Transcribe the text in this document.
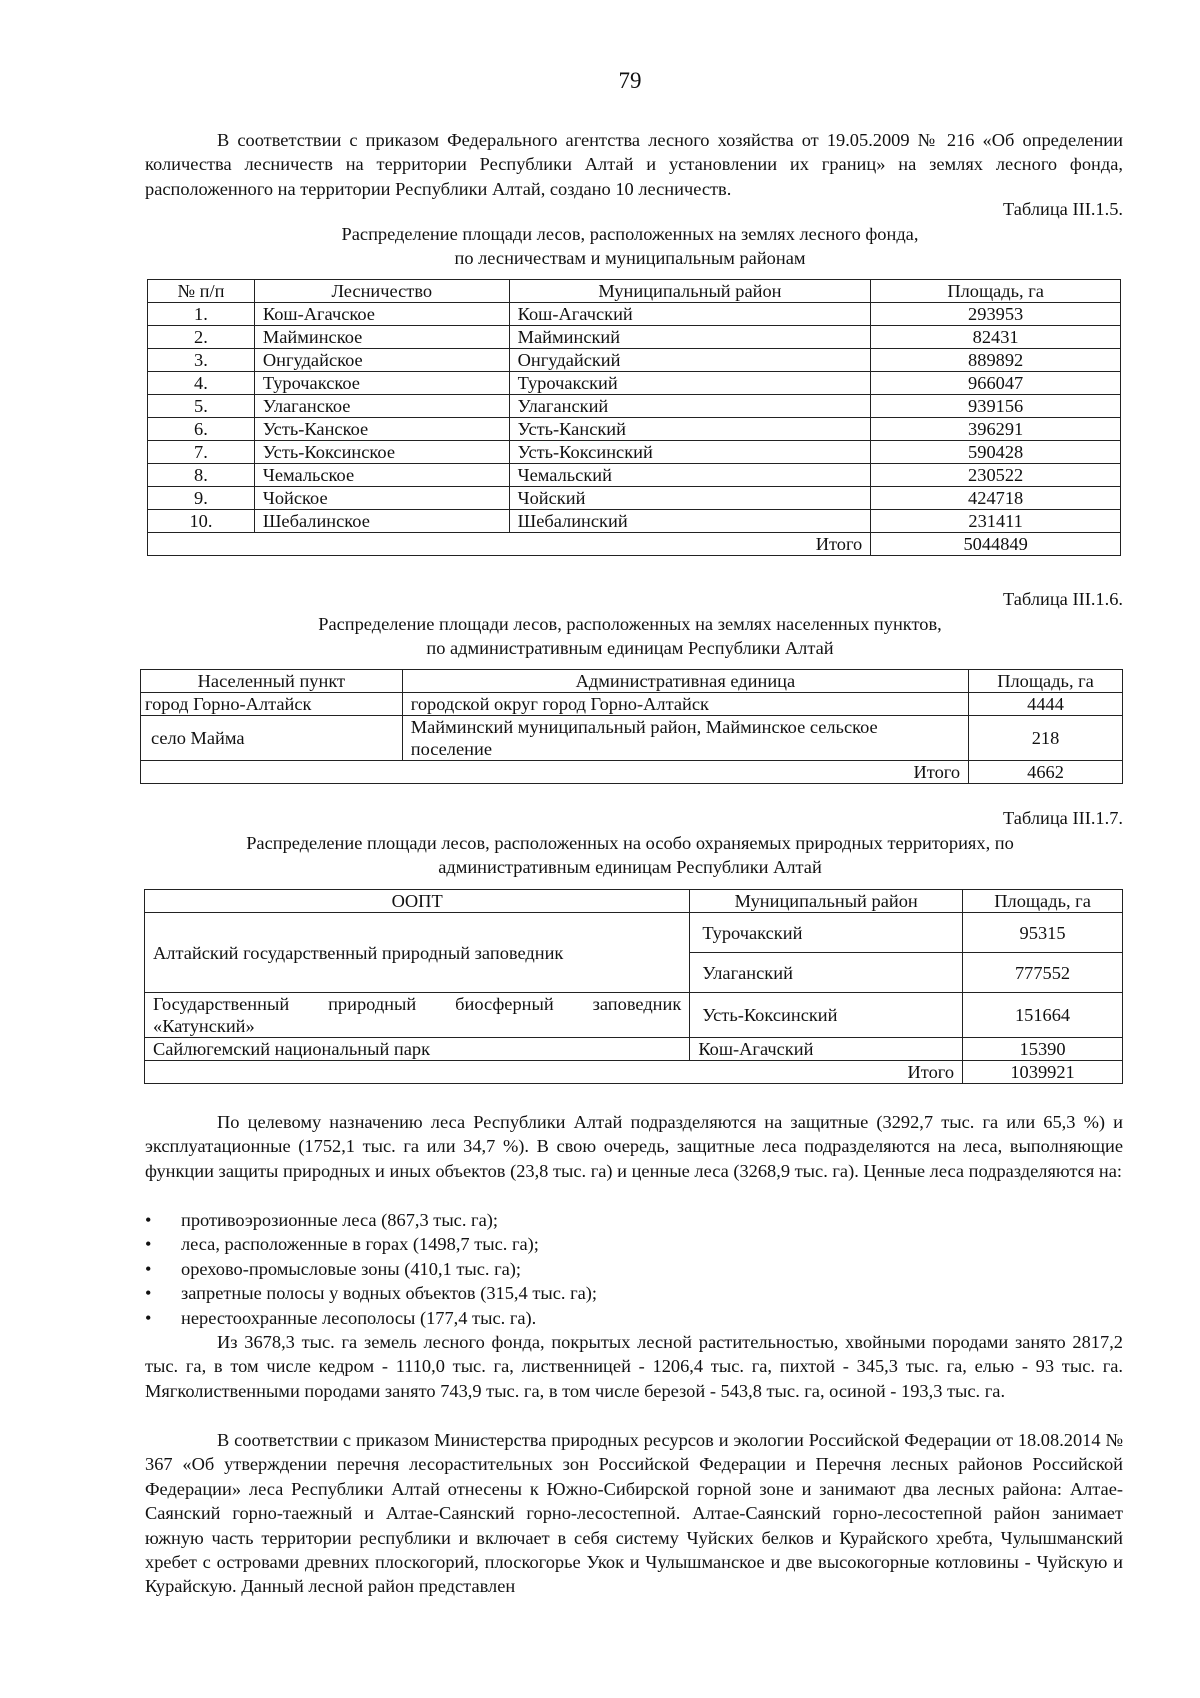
79

В соответствии с приказом Федерального агентства лесного хозяйства от 19.05.2009 № 216 «Об определении количества лесничеств на территории Республики Алтай и установлении их границ» на землях лесного фонда, расположенного на территории Республики Алтай, создано 10 лесничеств.

Таблица III.1.5.
Распределение площади лесов, расположенных на землях лесного фонда,
по лесничествам и муниципальным районам
№ п/п	Лесничество	Муниципальный район	Площадь, га
1.	Кош-Агачское	Кош-Агачский	293953
2.	Майминское	Майминский	82431
3.	Онгудайское	Онгудайский	889892
4.	Турочакское	Турочакский	966047
5.	Улаганское	Улаганский	939156
6.	Усть-Канское	Усть-Канский	396291
7.	Усть-Коксинское	Усть-Коксинский	590428
8.	Чемальское	Чемальский	230522
9.	Чойское	Чойский	424718
10.	Шебалинское	Шебалинский	231411
Итого			5044849
Таблица III.1.6.
Распределение площади лесов, расположенных на землях населенных пунктов,
по административным единицам Республики Алтай
Населенный пункт	Административная единица	Площадь, га
город Горно-Алтайск	городской округ город Горно-Алтайск	4444
село Майма	Майминский муниципальный район, Майминское сельское поселение	218
Итого		4662
Таблица III.1.7.
Распределение площади лесов, расположенных на особо охраняемых природных территориях, по
административным единицам Республики Алтай
ООПТ	Муниципальный район	Площадь, га
Алтайский государственный природный заповедник	Турочакский	95315
	Улаганский	777552
Государственный природный биосферный заповедник «Катунский»	Усть-Коксинский	151664
Сайлюгемский национальный парк	Кош-Агачский	15390
Итого		1039921

По целевому назначению леса Республики Алтай подразделяются на защитные (3292,7 тыс. га или 65,3 %) и эксплуатационные (1752,1 тыс. га или 34,7 %). В свою очередь, защитные леса подразделяются на леса, выполняющие функции защиты природных и иных объектов (23,8 тыс. га) и ценные леса (3268,9 тыс. га). Ценные леса подразделяются на:

• противоэрозионные леса (867,3 тыс. га);
• леса, расположенные в горах (1498,7 тыс. га);
• орехово-промысловые зоны (410,1 тыс. га);
• запретные полосы у водных объектов (315,4 тыс. га);
• нерестоохранные лесополосы (177,4 тыс. га).

Из 3678,3 тыс. га земель лесного фонда, покрытых лесной растительностью, хвойными породами занято 2817,2 тыс. га, в том числе кедром - 1110,0 тыс. га, лиственницей - 1206,4 тыс. га, пихтой - 345,3 тыс. га, елью - 93 тыс. га. Мягколиственными породами занято 743,9 тыс. га, в том числе березой - 543,8 тыс. га, осиной - 193,3 тыс. га.

В соответствии с приказом Министерства природных ресурсов и экологии Российской Федерации от 18.08.2014 № 367 «Об утверждении перечня лесорастительных зон Российской Федерации и Перечня лесных районов Российской Федерации» леса Республики Алтай отнесены к Южно-Сибирской горной зоне и занимают два лесных района: Алтае-Саянский горно-таежный и Алтае-Саянский горно-лесостепной. Алтае-Саянский горно-лесостепной район занимает южную часть территории республики и включает в себя систему Чуйских белков и Курайского хребта, Чулышманский хребет с островами древних плоскогорий, плоскогорье Укок и Чулышманское и две высокогорные котловины - Чуйскую и Курайскую. Данный лесной район представлен
